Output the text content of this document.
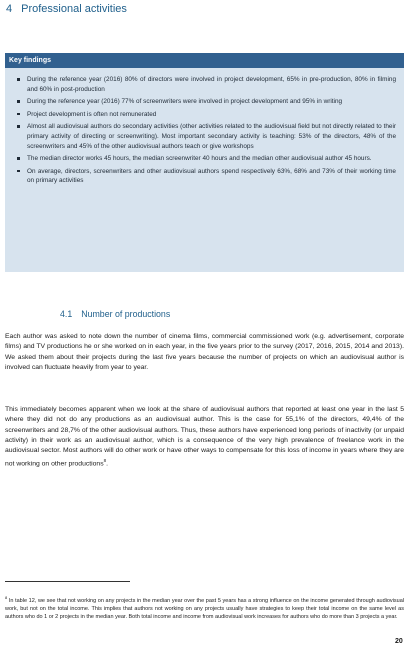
4 Professional activities
Key findings
During the reference year (2016) 80% of directors were involved in project development, 65% in pre-production, 80% in filming and 60% in post-production
During the reference year (2016) 77% of screenwriters were involved in project development and 95% in writing
Project development is often not remunerated
Almost all audiovisual authors do secondary activities (other activities related to the audiovisual field but not directly related to their primary activity of directing or screenwriting). Most important secondary activity is teaching: 53% of the directors, 48% of the screenwriters and 45% of the other audiovisual authors teach or give workshops
The median director works 45 hours, the median screenwriter 40 hours and the median other audiovisual author 45 hours.
On average, directors, screenwriters and other audiovisual authors spend respectively 63%, 68% and 73% of their working time on primary activities
4.1 Number of productions

Each author was asked to note down the number of cinema films, commercial commissioned work (e.g. advertisement, corporate films) and TV productions he or she worked on in each year, in the five years prior to the survey (2017, 2016, 2015, 2014 and 2013). We asked them about their projects during the last five years because the number of projects on which an audiovisual author is involved can fluctuate heavily from year to year.

This immediately becomes apparent when we look at the share of audiovisual authors that reported at least one year in the last 5 where they did not do any productions as an audiovisual author. This is the case for 55,1% of the directors, 49,4% of the screenwriters and 28,7% of the other audiovisual authors. Thus, these authors have experienced long periods of inactivity (or unpaid activity) in their work as an audiovisual author, which is a consequence of the very high prevalence of freelance work in the audiovisual sector. Most authors will do other work or have other ways to compensate for this loss of income in years where they are not working on other productions$^8$.

$^8$ In table 12, we see that not working on any projects in the median year over the past 5 years has a strong influence on the income generated through audiovisual work, but not on the total income. This implies that authors not working on any projects usually have strategies to keep their total income on the same level as authors who do 1 or 2 projects in the median year. Both total income and income from audiovisual work increases for authors who do more than 3 projects a year.

20
